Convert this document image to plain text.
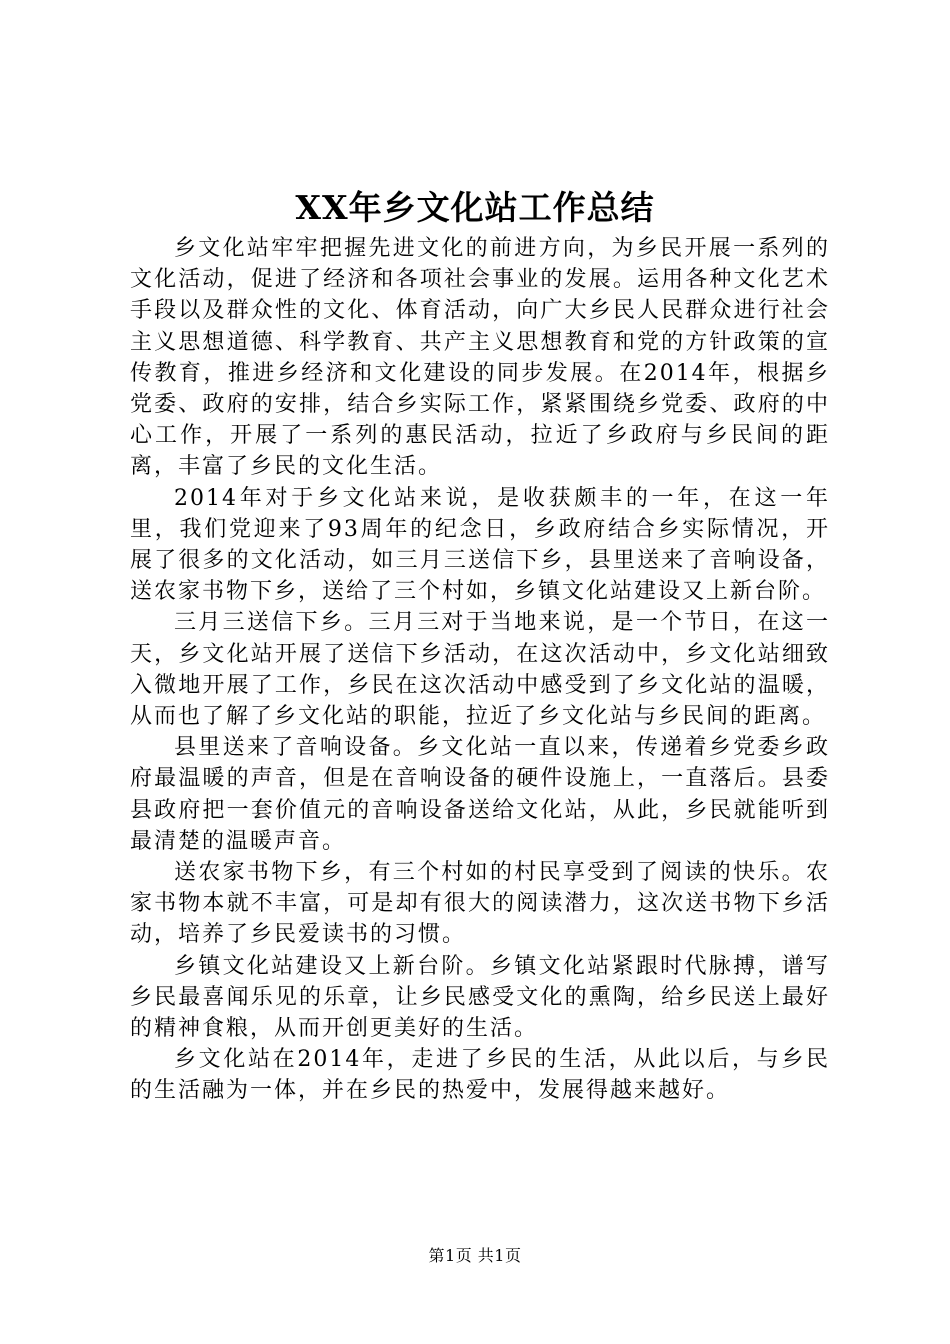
XX年乡文化站工作总结

乡文化站牢牢把握先进文化的前进方向，为乡民开展一系列的文化活动，促进了经济和各项社会事业的发展。运用各种文化艺术手段以及群众性的文化、体育活动，向广大乡民人民群众进行社会主义思想道德、科学教育、共产主义思想教育和党的方针政策的宣传教育，推进乡经济和文化建设的同步发展。在2014年，根据乡党委、政府的安排，结合乡实际工作，紧紧围绕乡党委、政府的中心工作，开展了一系列的惠民活动，拉近了乡政府与乡民间的距离，丰富了乡民的文化生活。

2014年对于乡文化站来说，是收获颇丰的一年，在这一年里，我们党迎来了93周年的纪念日，乡政府结合乡实际情况，开展了很多的文化活动，如三月三送信下乡，县里送来了音响设备，送农家书物下乡，送给了三个村如，乡镇文化站建设又上新台阶。

三月三送信下乡。三月三对于当地来说，是一个节日，在这一天，乡文化站开展了送信下乡活动，在这次活动中，乡文化站细致入微地开展了工作，乡民在这次活动中感受到了乡文化站的温暖，从而也了解了乡文化站的职能，拉近了乡文化站与乡民间的距离。

县里送来了音响设备。乡文化站一直以来，传递着乡党委乡政府最温暖的声音，但是在音响设备的硬件设施上，一直落后。县委县政府把一套价值元的音响设备送给文化站，从此，乡民就能听到最清楚的温暖声音。

送农家书物下乡，有三个村如的村民享受到了阅读的快乐。农家书物本就不丰富，可是却有很大的阅读潜力，这次送书物下乡活动，培养了乡民爱读书的习惯。

乡镇文化站建设又上新台阶。乡镇文化站紧跟时代脉搏，谱写乡民最喜闻乐见的乐章，让乡民感受文化的熏陶，给乡民送上最好的精神食粮，从而开创更美好的生活。

乡文化站在2014年，走进了乡民的生活，从此以后，与乡民的生活融为一体，并在乡民的热爱中，发展得越来越好。

第1页 共1页
